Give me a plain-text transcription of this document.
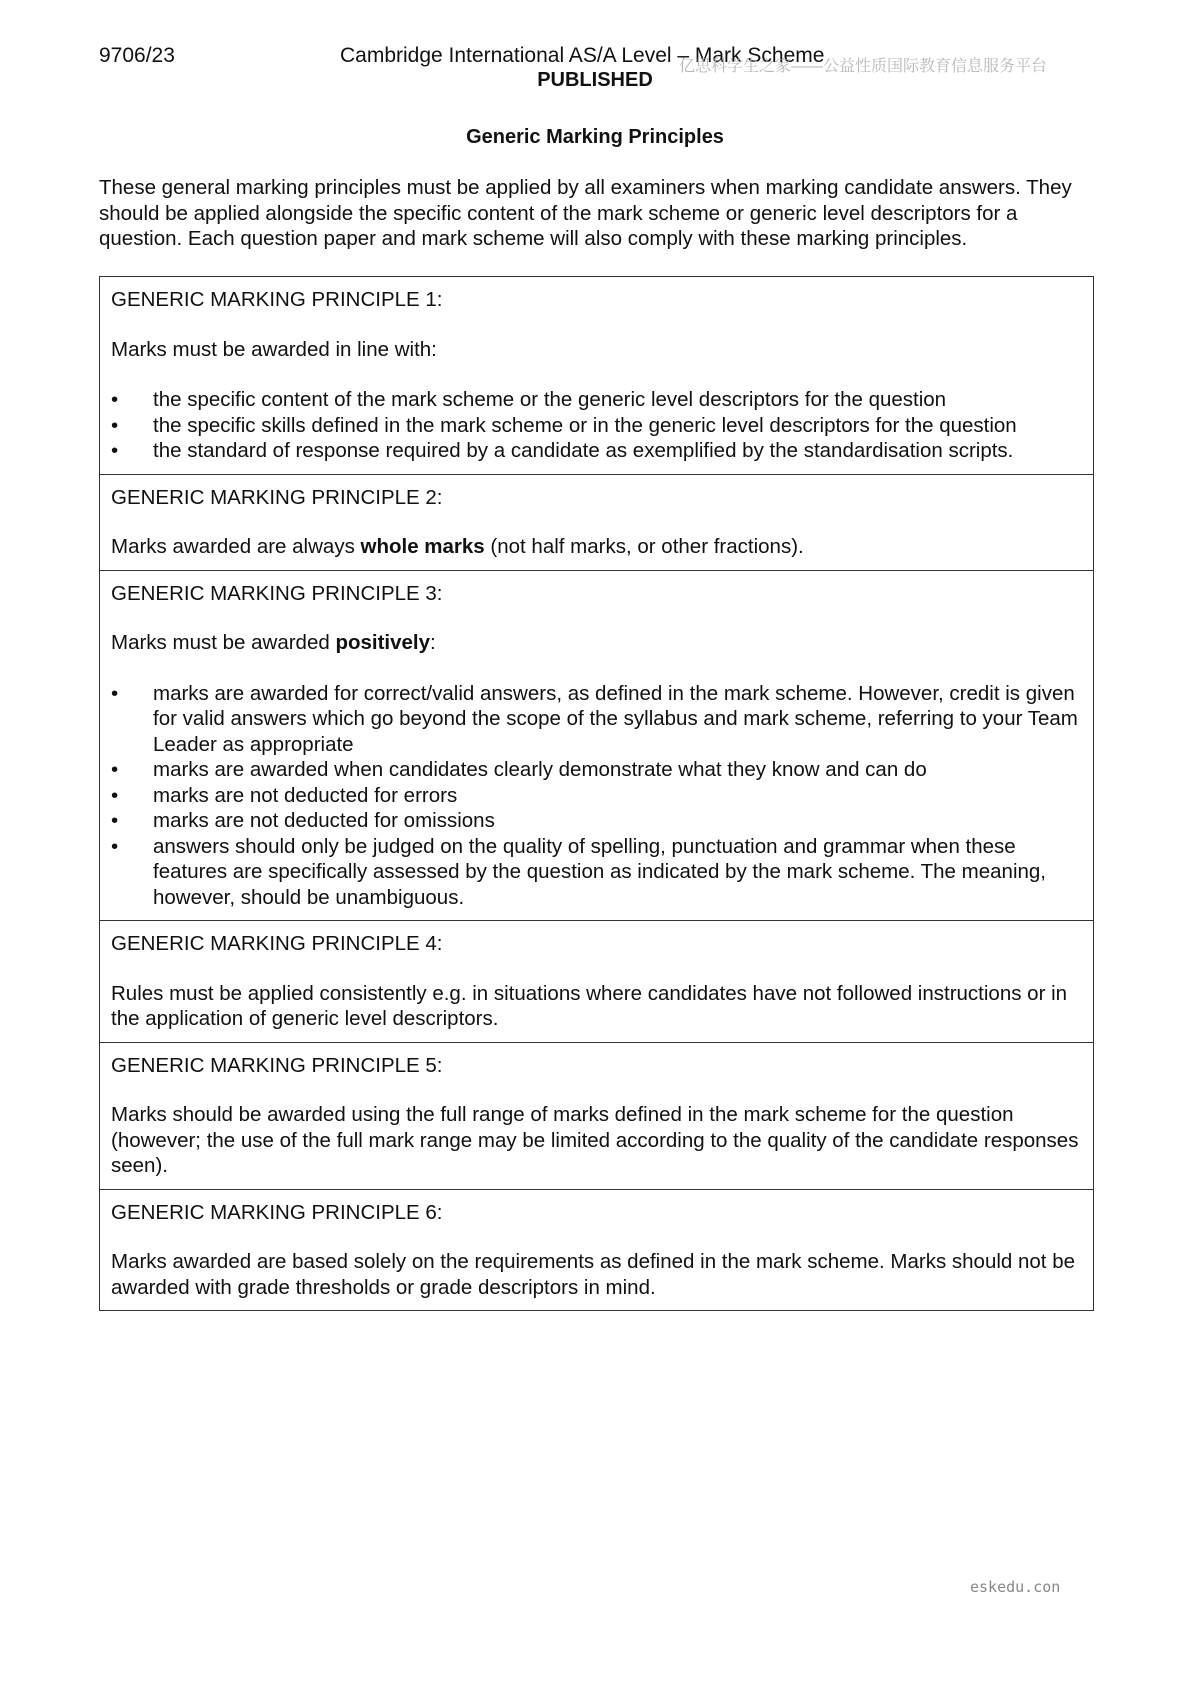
9706/23	Cambridge International AS/A Level – Mark Scheme
亿思科学生之家——公益性质国际教育信息服务平台
PUBLISHED
Generic Marking Principles

These general marking principles must be applied by all examiners when marking candidate answers. They should be applied alongside the specific content of the mark scheme or generic level descriptors for a question. Each question paper and mark scheme will also comply with these marking principles.

GENERIC MARKING PRINCIPLE 1:

Marks must be awarded in line with:

•	the specific content of the mark scheme or the generic level descriptors for the question
•	the specific skills defined in the mark scheme or in the generic level descriptors for the question
•	the standard of response required by a candidate as exemplified by the standardisation scripts.

GENERIC MARKING PRINCIPLE 2:

Marks awarded are always whole marks (not half marks, or other fractions).

GENERIC MARKING PRINCIPLE 3:

Marks must be awarded positively:

•	marks are awarded for correct/valid answers, as defined in the mark scheme. However, credit is given for valid answers which go beyond the scope of the syllabus and mark scheme, referring to your Team Leader as appropriate
•	marks are awarded when candidates clearly demonstrate what they know and can do
•	marks are not deducted for errors
•	marks are not deducted for omissions
•	answers should only be judged on the quality of spelling, punctuation and grammar when these features are specifically assessed by the question as indicated by the mark scheme. The meaning, however, should be unambiguous.

GENERIC MARKING PRINCIPLE 4:

Rules must be applied consistently e.g. in situations where candidates have not followed instructions or in the application of generic level descriptors.

GENERIC MARKING PRINCIPLE 5:

Marks should be awarded using the full range of marks defined in the mark scheme for the question (however; the use of the full mark range may be limited according to the quality of the candidate responses seen).

GENERIC MARKING PRINCIPLE 6:

Marks awarded are based solely on the requirements as defined in the mark scheme. Marks should not be awarded with grade thresholds or grade descriptors in mind.

eskedu.con
